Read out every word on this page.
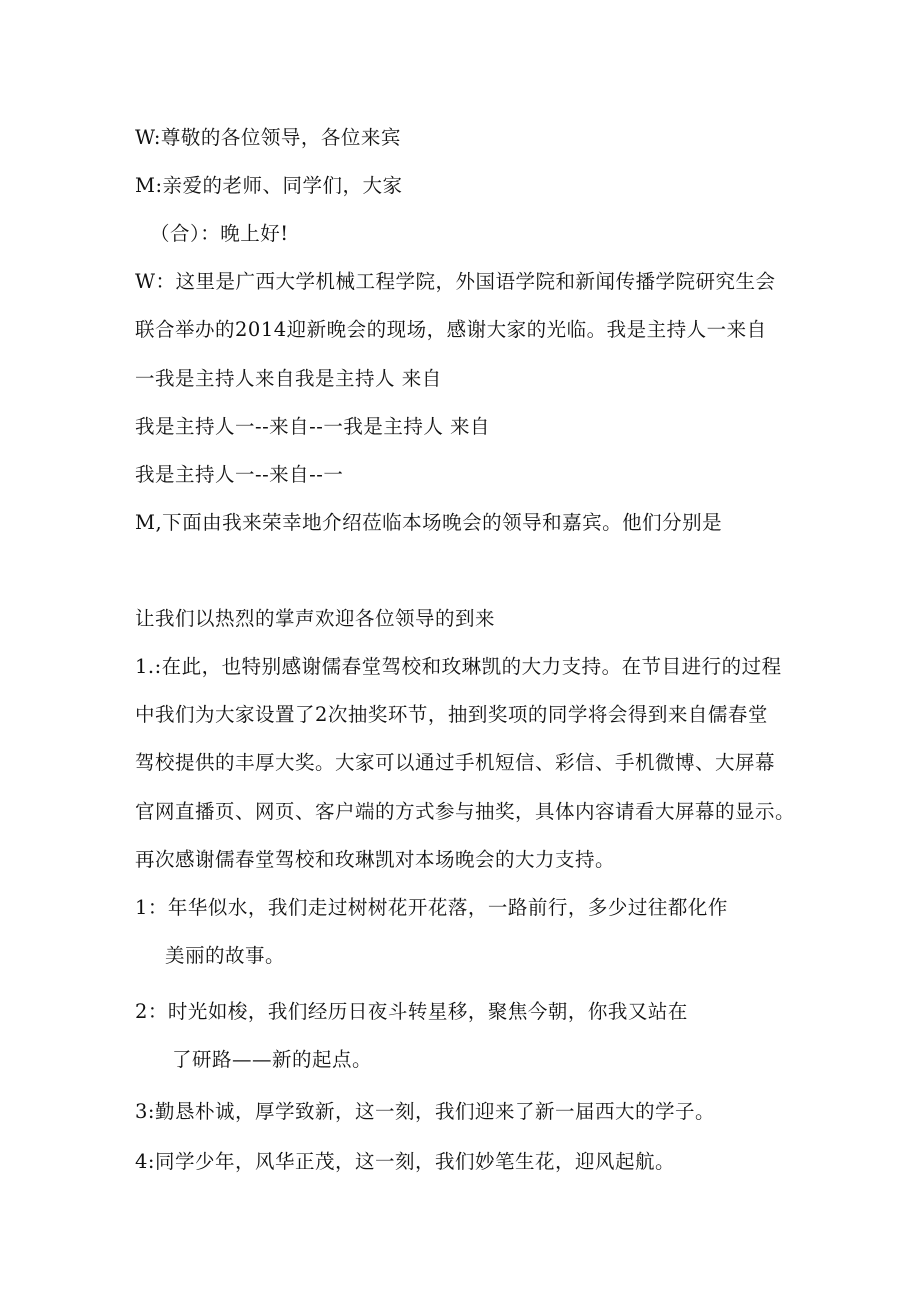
W:尊敬的各位领导，各位来宾
M:亲爱的老师、同学们，大家
（合）：晚上好!
W：这里是广西大学机械工程学院，外国语学院和新闻传播学院研究生会
联合举办的2014迎新晚会的现场，感谢大家的光临。我是主持人一来自
一我是主持人来自我是主持人 来自
我是主持人一--来自--一我是主持人 来自
我是主持人一--来自--一
M,下面由我来荣幸地介绍莅临本场晚会的领导和嘉宾。他们分别是
让我们以热烈的掌声欢迎各位领导的到来
1.:在此，也特别感谢儒春堂驾校和玫琳凯的大力支持。在节目进行的过程
中我们为大家设置了2次抽奖环节，抽到奖项的同学将会得到来自儒春堂
驾校提供的丰厚大奖。大家可以通过手机短信、彩信、手机微博、大屏幕
官网直播页、网页、客户端的方式参与抽奖，具体内容请看大屏幕的显示。
再次感谢儒春堂驾校和玫琳凯对本场晚会的大力支持。
1：年华似水，我们走过树树花开花落，一路前行，多少过往都化作
美丽的故事。
2：时光如梭，我们经历日夜斗转星移，聚焦今朝，你我又站在
了研路——新的起点。
3:勤恳朴诚，厚学致新，这一刻，我们迎来了新一届西大的学子。
4:同学少年，风华正茂，这一刻，我们妙笔生花，迎风起航。
